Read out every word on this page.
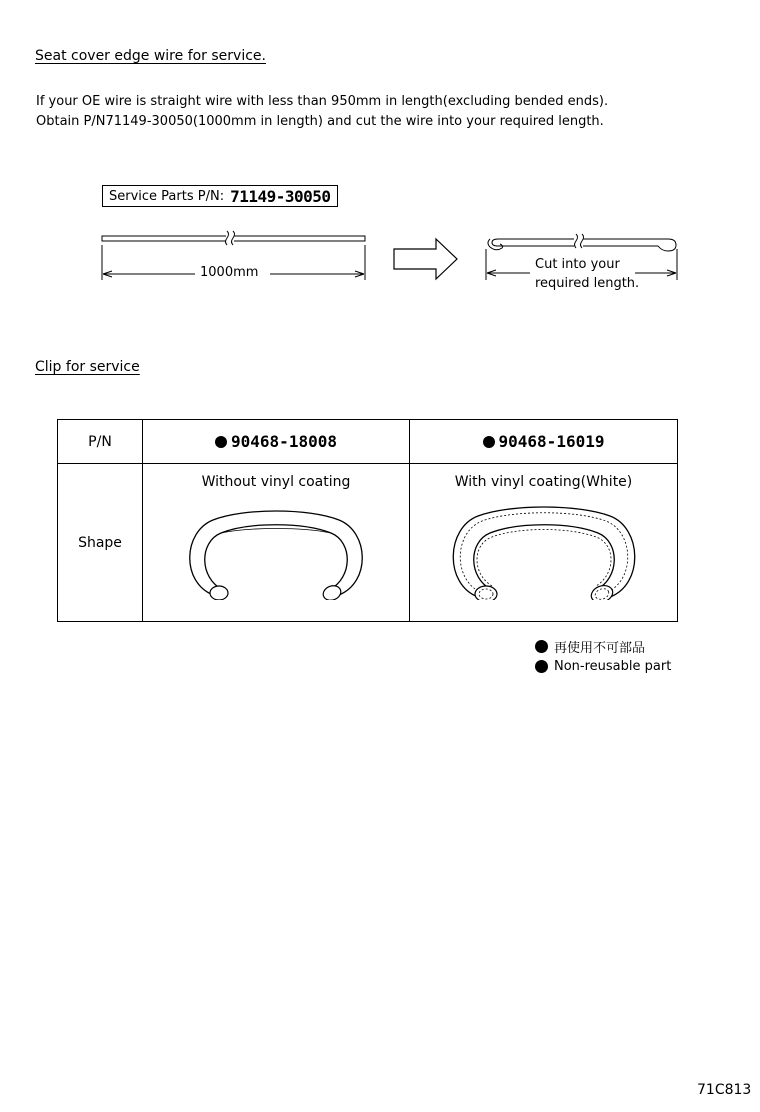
Seat cover edge wire for service.
If your OE wire is straight wire with less than 950mm in length(excluding bended ends).
Obtain P/N71149-30050(1000mm in length) and cut the wire into your required length.
Service Parts P/N: 71149-30050
1000mm
Cut into your
required length.
Clip for service
P/N	90468-18008	90468-16019

Shape	Without vinyl coating	With vinyl coating(White)
再使用不可部品
Non-reusable part
71C813
